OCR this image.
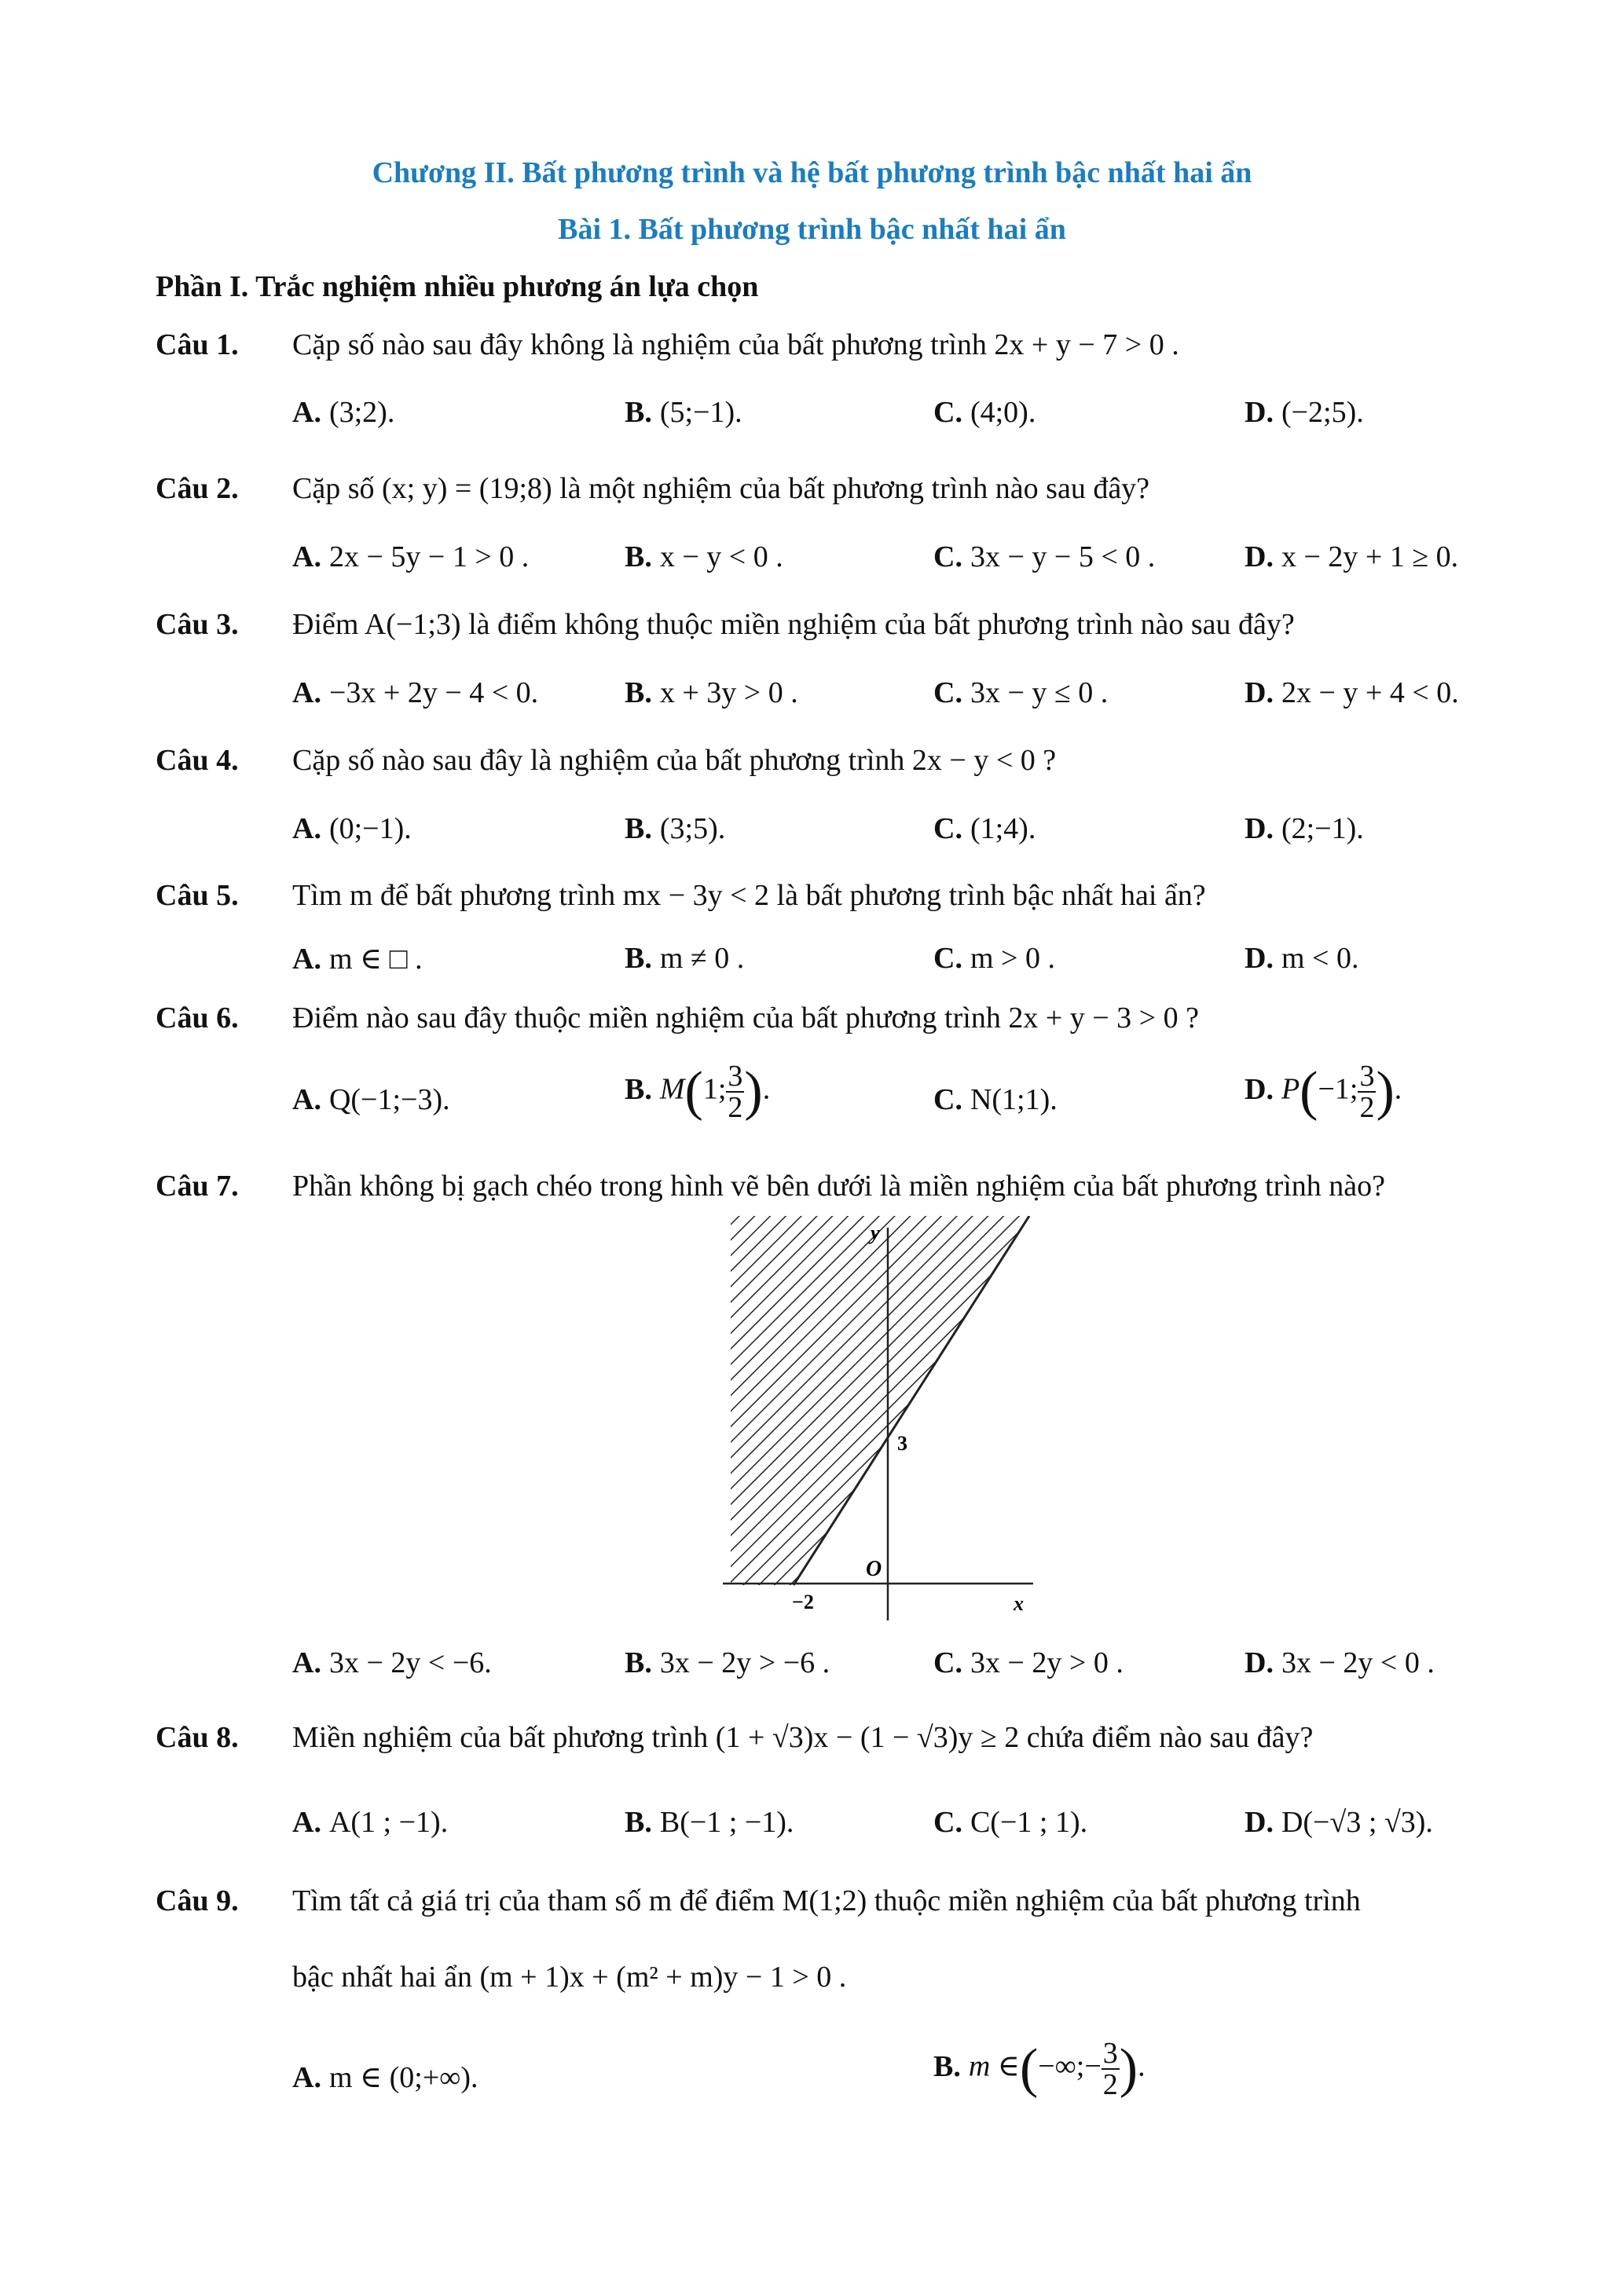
Chương II. Bất phương trình và hệ bất phương trình bậc nhất hai ẩn
Bài 1. Bất phương trình bậc nhất hai ẩn
Phần I. Trắc nghiệm nhiều phương án lựa chọn
Câu 1. Cặp số nào sau đây không là nghiệm của bất phương trình 2x + y − 7 > 0 .
A. (3;2).	B. (5;−1).	C. (4;0).	D. (−2;5).
Câu 2. Cặp số (x; y) = (19;8) là một nghiệm của bất phương trình nào sau đây?
A. 2x − 5y − 1 > 0 .	B. x − y < 0 .	C. 3x − y − 5 < 0 .	D. x − 2y + 1 ≥ 0.
Câu 3. Điểm A(−1;3) là điểm không thuộc miền nghiệm của bất phương trình nào sau đây?
A. −3x + 2y − 4 < 0.	B. x + 3y > 0 .	C. 3x − y ≤ 0 .	D. 2x − y + 4 < 0.
Câu 4. Cặp số nào sau đây là nghiệm của bất phương trình 2x − y < 0 ?
A. (0;−1).	B. (3;5).	C. (1;4).	D. (2;−1).
Câu 5. Tìm m để bất phương trình mx − 3y < 2 là bất phương trình bậc nhất hai ẩn?
A. m ∈ □ .	B. m ≠ 0 .	C. m > 0 .	D. m < 0.
Câu 6. Điểm nào sau đây thuộc miền nghiệm của bất phương trình 2x + y − 3 > 0 ?
A. Q(−1;−3).	B. M(1; $\frac{3}{2}$ ).	C. N(1;1).	D. P(−1; $\frac{3}{2}$ ).
Câu 7. Phần không bị gạch chéo trong hình vẽ bên dưới là miền nghiệm của bất phương trình nào?
y
x
O
3
−2
A. 3x − 2y < −6.	B. 3x − 2y > −6 .	C. 3x − 2y > 0 .	D. 3x − 2y < 0 .
Câu 8. Miền nghiệm của bất phương trình (1 + √3)x − (1 − √3)y ≥ 2 chứa điểm nào sau đây?
A. A(1 ; −1).	B. B(−1 ; −1).	C. C(−1 ; 1).	D. D(−√3 ; √3).
Câu 9. Tìm tất cả giá trị của tham số m để điểm M(1;2) thuộc miền nghiệm của bất phương trình
bậc nhất hai ẩn (m + 1)x + (m² + m)y − 1 > 0 .
A. m ∈ (0;+∞).	B. m ∈(−∞;− $\frac{3}{2}$ ).
